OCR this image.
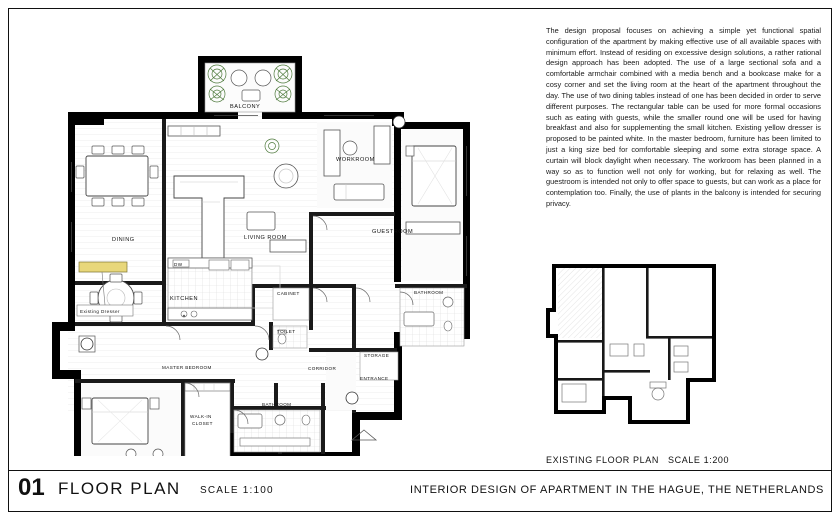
BALCONY
DINING
Existing Dresser
LIVING ROOM
WORKROOM
GUESTROOM
DW
KITCHEN
CABINET
TOILET
BATHROOM
STORAGE
CORRIDOR
ENTRANCE
MASTER BEDROOM
WALK-IN
CLOSET
BATHROOM
The design proposal focuses on achieving a simple yet functional spatial configuration of the apartment by making effective use of all available spaces with minimum effort. Instead of residing on excessive design solutions, a rather rational design approach has been adopted. The use of a large sectional sofa and a comfortable armchair combined with a media bench and a bookcase make for a cosy corner and set the living room at the heart of the apartment throughout the day. The use of two dining tables instead of one has been decided in order to serve different purposes. The rectangular table can be used for more formal occasions such as eating with guests, while the smaller round one will be used for having breakfast and also for supplementing the small kitchen. Existing yellow dresser is proposed to be painted white. In the master bedroom, furniture has been limited to just a king size bed for comfortable sleeping and some extra storage space. A curtain will block daylight when necessary. The workroom has been planned in a way so as to function well not only for working, but for relaxing as well. The guestroom is intended not only to offer space to guests, but can work as a place for contemplation too. Finally, the use of plants in the balcony is intended for securing privacy.
EXISTING FLOOR PLAN SCALE 1:200
01 FLOOR PLAN SCALE 1:100	INTERIOR DESIGN OF APARTMENT IN THE HAGUE, THE NETHERLANDS
